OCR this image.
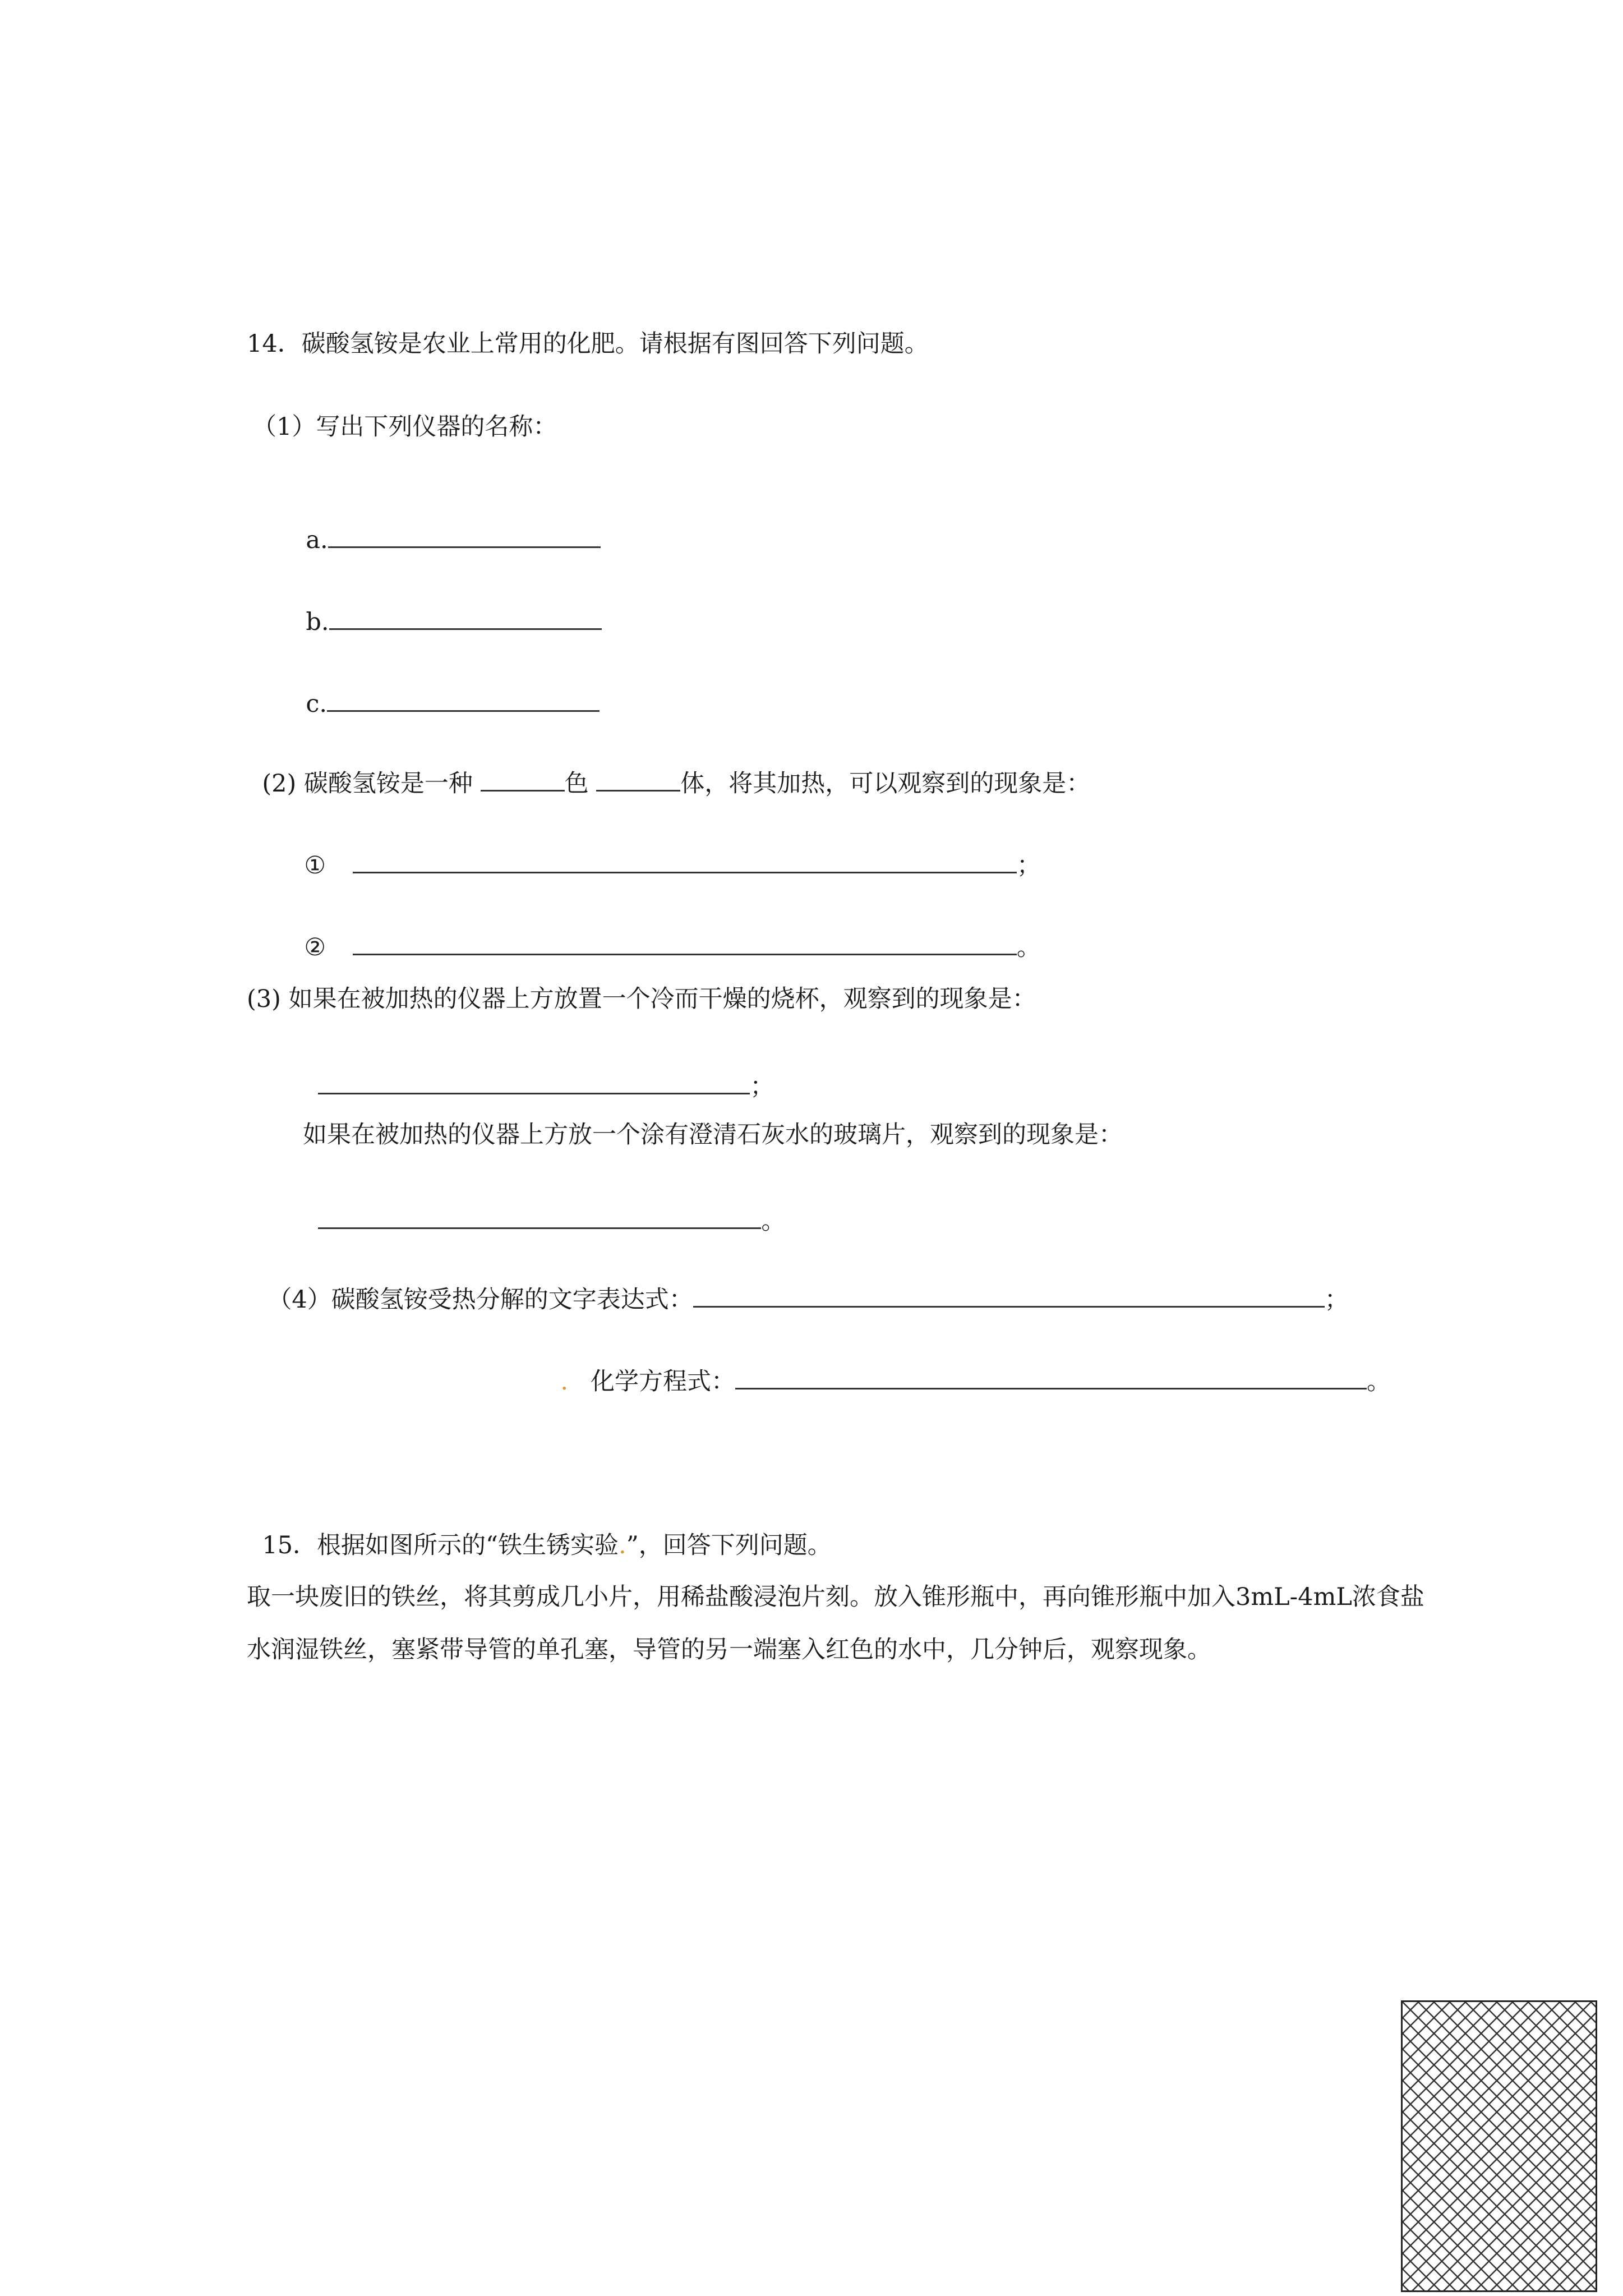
14．碳酸氢铵是农业上常用的化肥。请根据有图回答下列问题。
（1）写出下列仪器的名称：

a.

b.

c.

(2) 碳酸氢铵是一种	色	体，将其加热，可以观察到的现象是：

①	；

②	。

(3) 如果在被加热的仪器上方放置一个冷而干燥的烧杯，观察到的现象是：

；

如果在被加热的仪器上方放一个涂有澄清石灰水的玻璃片，观察到的现象是：

。

（4）碳酸氢铵受热分解的文字表达式：	；

. 化学方程式：	。

15．根据如图所示的“铁生锈实验.”，回答下列问题。

取一块废旧的铁丝，将其剪成几小片，用稀盐酸浸泡片刻。放入锥形瓶中，再向锥形瓶中加入3mL-4mL浓食盐水润湿铁丝，塞紧带导管的单孔塞，导管的另一端塞入红色的水中，几分钟后，观察现象。
